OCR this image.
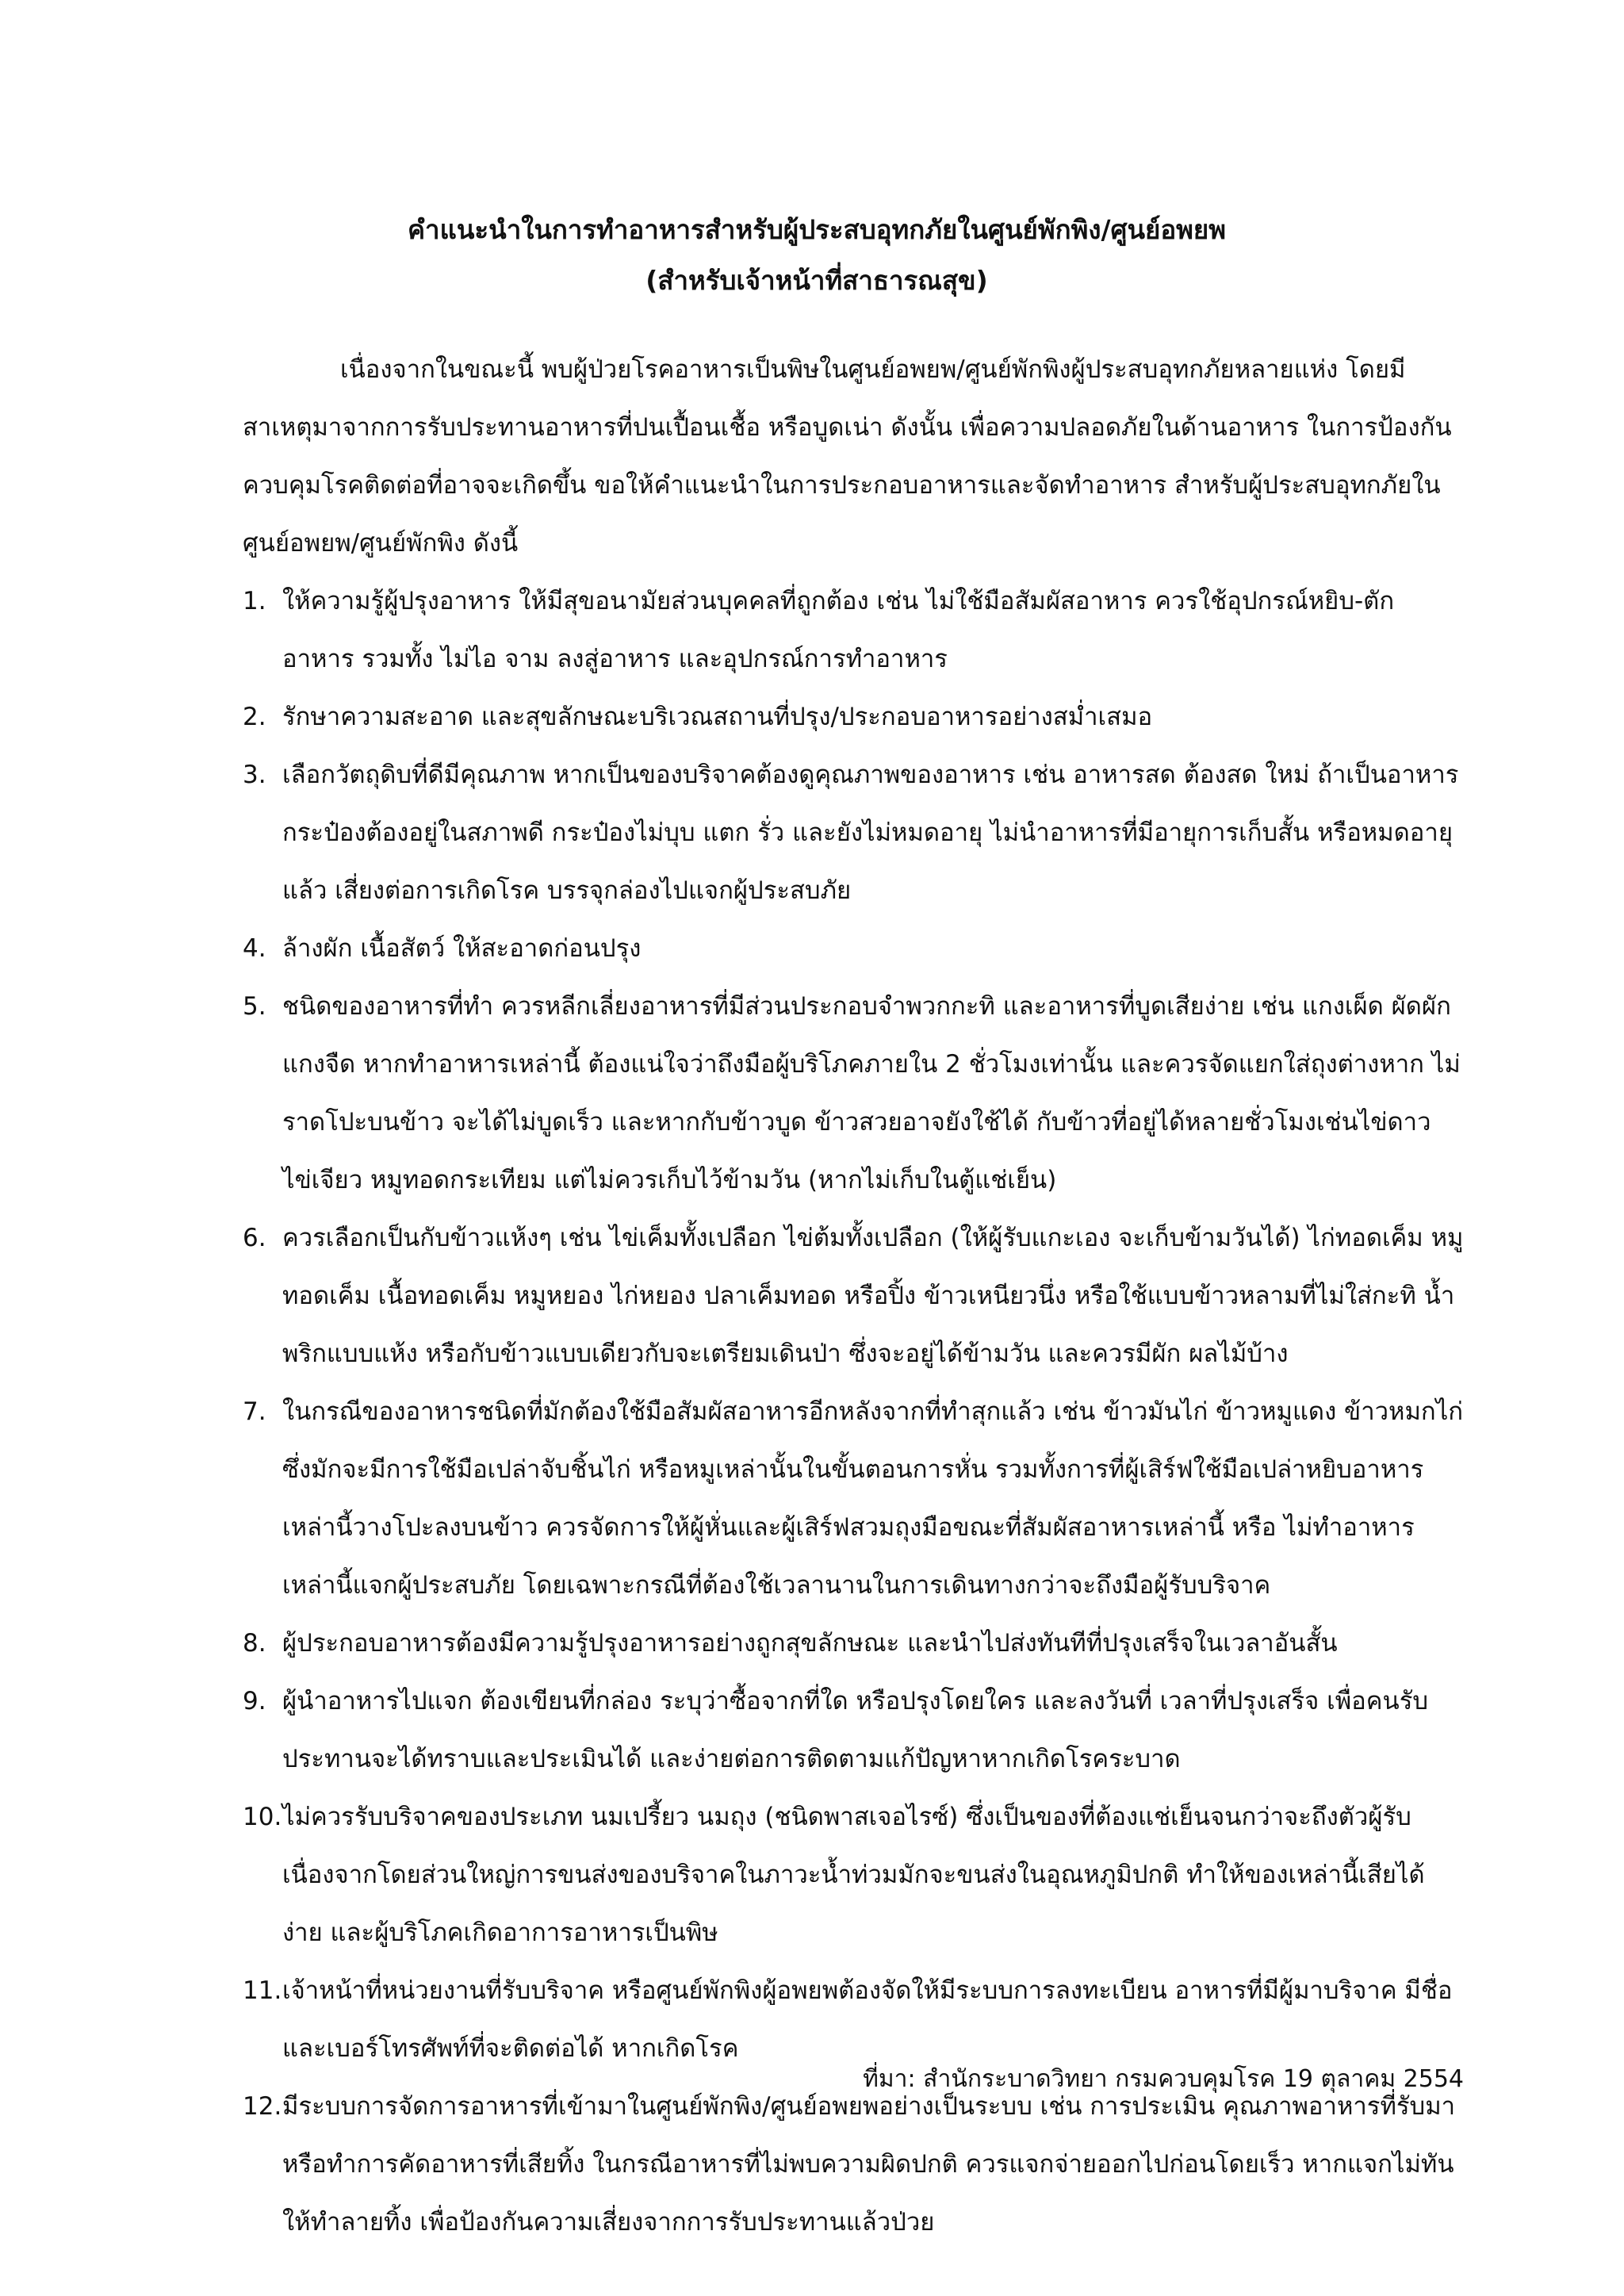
คำแนะนำในการทำอาหารสำหรับผู้ประสบอุทกภัยในศูนย์พักพิง/ศูนย์อพยพ
(สำหรับเจ้าหน้าที่สาธารณสุข)

เนื่องจากในขณะนี้ พบผู้ป่วยโรคอาหารเป็นพิษในศูนย์อพยพ/ศูนย์พักพิงผู้ประสบอุทกภัยหลายแห่ง โดยมีสาเหตุมาจากการรับประทานอาหารที่ปนเปื้อนเชื้อ หรือบูดเน่า ดังนั้น เพื่อความปลอดภัยในด้านอาหาร ในการป้องกันควบคุมโรคติดต่อที่อาจจะเกิดขึ้น ขอให้คำแนะนำในการประกอบอาหารและจัดทำอาหาร สำหรับผู้ประสบอุทกภัยในศูนย์อพยพ/ศูนย์พักพิง ดังนี้

1. ให้ความรู้ผู้ปรุงอาหาร ให้มีสุขอนามัยส่วนบุคคลที่ถูกต้อง เช่น ไม่ใช้มือสัมผัสอาหาร ควรใช้อุปกรณ์หยิบ-ตักอาหาร รวมทั้ง ไม่ไอ จาม ลงสู่อาหาร และอุปกรณ์การทำอาหาร
2. รักษาความสะอาด และสุขลักษณะบริเวณสถานที่ปรุง/ประกอบอาหารอย่างสม่ำเสมอ
3. เลือกวัตถุดิบที่ดีมีคุณภาพ หากเป็นของบริจาคต้องดูคุณภาพของอาหาร เช่น อาหารสด ต้องสด ใหม่ ถ้าเป็นอาหารกระป๋องต้องอยู่ในสภาพดี กระป๋องไม่บุบ แตก รั่ว และยังไม่หมดอายุ ไม่นำอาหารที่มีอายุการเก็บสั้น หรือหมดอายุแล้ว เสี่ยงต่อการเกิดโรค บรรจุกล่องไปแจกผู้ประสบภัย
4. ล้างผัก เนื้อสัตว์ ให้สะอาดก่อนปรุง
5. ชนิดของอาหารที่ทำ ควรหลีกเลี่ยงอาหารที่มีส่วนประกอบจำพวกกะทิ และอาหารที่บูดเสียง่าย เช่น แกงเผ็ด ผัดผัก แกงจืด หากทำอาหารเหล่านี้ ต้องแน่ใจว่าถึงมือผู้บริโภคภายใน 2 ชั่วโมงเท่านั้น และควรจัดแยกใส่ถุงต่างหาก ไม่ราดโปะบนข้าว จะได้ไม่บูดเร็ว และหากกับข้าวบูด ข้าวสวยอาจยังใช้ได้ กับข้าวที่อยู่ได้หลายชั่วโมงเช่นไข่ดาว ไข่เจียว หมูทอดกระเทียม แต่ไม่ควรเก็บไว้ข้ามวัน (หากไม่เก็บในตู้แช่เย็น)
6. ควรเลือกเป็นกับข้าวแห้งๆ เช่น ไข่เค็มทั้งเปลือก ไข่ต้มทั้งเปลือก (ให้ผู้รับแกะเอง จะเก็บข้ามวันได้) ไก่ทอดเค็ม หมูทอดเค็ม เนื้อทอดเค็ม หมูหยอง ไก่หยอง ปลาเค็มทอด หรือปิ้ง ข้าวเหนียวนึ่ง หรือใช้แบบข้าวหลามที่ไม่ใส่กะทิ น้ำพริกแบบแห้ง หรือกับข้าวแบบเดียวกับจะเตรียมเดินป่า ซึ่งจะอยู่ได้ข้ามวัน และควรมีผัก ผลไม้บ้าง
7. ในกรณีของอาหารชนิดที่มักต้องใช้มือสัมผัสอาหารอีกหลังจากที่ทำสุกแล้ว เช่น ข้าวมันไก่ ข้าวหมูแดง ข้าวหมกไก่ ซึ่งมักจะมีการใช้มือเปล่าจับชิ้นไก่ หรือหมูเหล่านั้นในขั้นตอนการหั่น รวมทั้งการที่ผู้เสิร์ฟใช้มือเปล่าหยิบอาหารเหล่านี้วางโปะลงบนข้าว ควรจัดการให้ผู้หั่นและผู้เสิร์ฟสวมถุงมือขณะที่สัมผัสอาหารเหล่านี้ หรือ ไม่ทำอาหารเหล่านี้แจกผู้ประสบภัย โดยเฉพาะกรณีที่ต้องใช้เวลานานในการเดินทางกว่าจะถึงมือผู้รับบริจาค
8. ผู้ประกอบอาหารต้องมีความรู้ปรุงอาหารอย่างถูกสุขลักษณะ และนำไปส่งทันทีที่ปรุงเสร็จในเวลาอันสั้น
9. ผู้นำอาหารไปแจก ต้องเขียนที่กล่อง ระบุว่าซื้อจากที่ใด หรือปรุงโดยใคร และลงวันที่ เวลาที่ปรุงเสร็จ เพื่อคนรับประทานจะได้ทราบและประเมินได้ และง่ายต่อการติดตามแก้ปัญหาหากเกิดโรคระบาด
10. ไม่ควรรับบริจาคของประเภท นมเปรี้ยว นมถุง (ชนิดพาสเจอไรซ์) ซึ่งเป็นของที่ต้องแช่เย็นจนกว่าจะถึงตัวผู้รับ เนื่องจากโดยส่วนใหญ่การขนส่งของบริจาคในภาวะน้ำท่วมมักจะขนส่งในอุณหภูมิปกติ ทำให้ของเหล่านี้เสียได้ง่าย และผู้บริโภคเกิดอาการอาหารเป็นพิษ
11. เจ้าหน้าที่หน่วยงานที่รับบริจาค หรือศูนย์พักพิงผู้อพยพต้องจัดให้มีระบบการลงทะเบียน อาหารที่มีผู้มาบริจาค มีชื่อ และเบอร์โทรศัพท์ที่จะติดต่อได้ หากเกิดโรค
12. มีระบบการจัดการอาหารที่เข้ามาในศูนย์พักพิง/ศูนย์อพยพอย่างเป็นระบบ เช่น การประเมิน คุณภาพอาหารที่รับมา หรือทำการคัดอาหารที่เสียทิ้ง ในกรณีอาหารที่ไม่พบความผิดปกติ ควรแจกจ่ายออกไปก่อนโดยเร็ว หากแจกไม่ทันให้ทำลายทิ้ง เพื่อป้องกันความเสี่ยงจากการรับประทานแล้วป่วย
ที่มา: สำนักระบาดวิทยา กรมควบคุมโรค 19 ตุลาคม 2554
